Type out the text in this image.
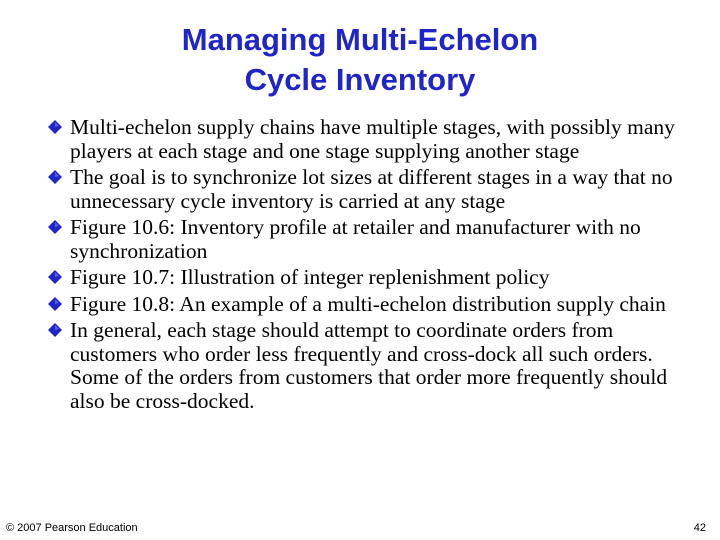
Managing Multi-Echelon
Cycle Inventory
Multi-echelon supply chains have multiple stages, with possibly many players at each stage and one stage supplying another stage
The goal is to synchronize lot sizes at different stages in a way that no unnecessary cycle inventory is carried at any stage
Figure 10.6: Inventory profile at retailer and manufacturer with no synchronization
Figure 10.7: Illustration of integer replenishment policy
Figure 10.8: An example of a multi-echelon distribution supply chain
In general, each stage should attempt to coordinate orders from customers who order less frequently and cross-dock all such orders. Some of the orders from customers that order more frequently should also be cross-docked.
© 2007 Pearson Education	42
